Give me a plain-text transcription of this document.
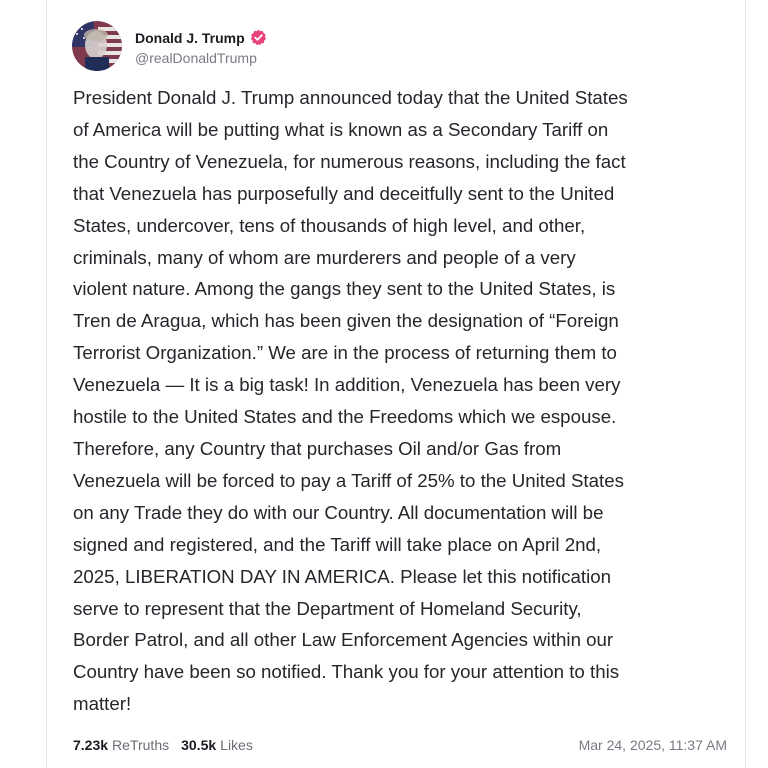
Donald J. Trump
@realDonaldTrump

President Donald J. Trump announced today that the United States
of America will be putting what is known as a Secondary Tariff on
the Country of Venezuela, for numerous reasons, including the fact
that Venezuela has purposefully and deceitfully sent to the United
States, undercover, tens of thousands of high level, and other,
criminals, many of whom are murderers and people of a very
violent nature. Among the gangs they sent to the United States, is
Tren de Aragua, which has been given the designation of “Foreign
Terrorist Organization.” We are in the process of returning them to
Venezuela — It is a big task! In addition, Venezuela has been very
hostile to the United States and the Freedoms which we espouse.
Therefore, any Country that purchases Oil and/or Gas from
Venezuela will be forced to pay a Tariff of 25% to the United States
on any Trade they do with our Country. All documentation will be
signed and registered, and the Tariff will take place on April 2nd,
2025, LIBERATION DAY IN AMERICA. Please let this notification
serve to represent that the Department of Homeland Security,
Border Patrol, and all other Law Enforcement Agencies within our
Country have been so notified. Thank you for your attention to this
matter!

7.23k ReTruths 30.5k Likes	Mar 24, 2025, 11:37 AM
